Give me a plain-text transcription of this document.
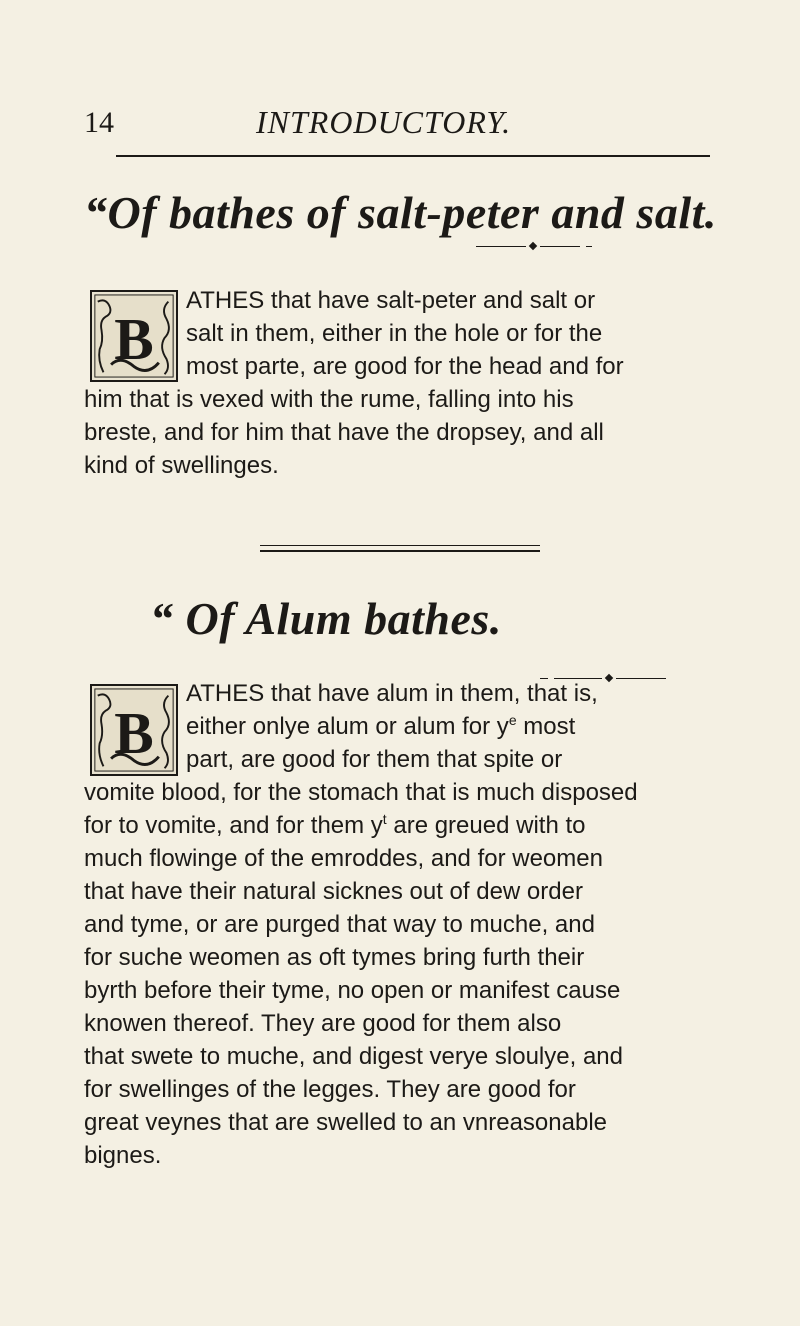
14	INTRODUCTORY.
“Of bathes of salt-peter and salt.
B
ATHES that have salt-peter and salt or
salt in them, either in the hole or for the
most parte, are good for the head and for
him that is vexed with the rume, falling into his
breste, and for him that have the dropsey, and all
kind of swellinges.
“ Of Alum bathes.
B
ATHES that have alum in them, that is,
either onlye alum or alum for $y^e$ most
part, are good for them that spite or
vomite blood, for the stomach that is much disposed
for to vomite, and for them $y^t$ are greued with to
much flowinge of the emroddes, and for weomen
that have their natural sicknes out of dew order
and tyme, or are purged that way to muche, and
for suche weomen as oft tymes bring furth their
byrth before their tyme, no open or manifest cause
knowen thereof. They are good for them also
that swete to muche, and digest verye sloulye, and
for swellinges of the legges. They are good for
great veynes that are swelled to an vnreasonable
bignes.
